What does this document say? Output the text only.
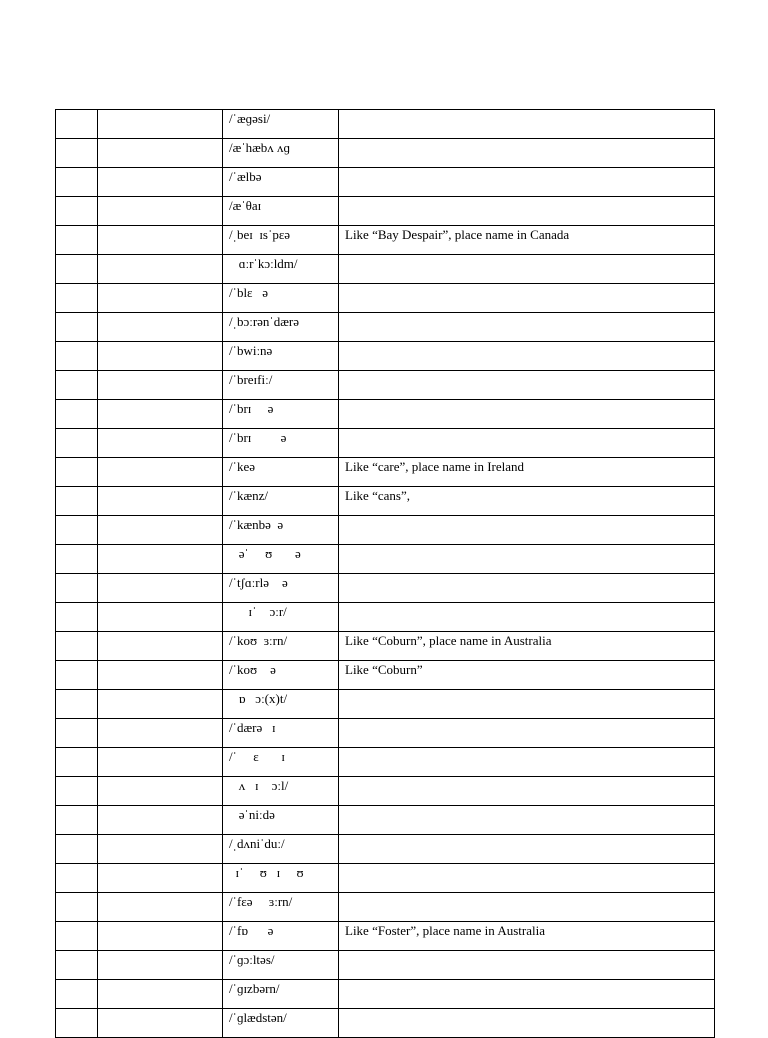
		/ˈæɡəsi/	
		/æˈhæbʌ ʌɡ	
		/ˈælbə	
		/æˈθaɪ	
		/ˌbeɪ  ɪsˈpɛə	Like “Bay Despair”, place name in Canada
		ɑːrˈkɔːldm/	
		/ˈblɛ   ə	
		/ˌbɔːrənˈdærə	
		/ˈbwiːnə	
		/ˈbreɪfiː/	
		/ˈbrɪ     ə	
		/ˈbrɪ         ə	
		/ˈkeə	Like “care”, place name in Ireland
		/ˈkænz/	Like “cans”,
		/ˈkænbə  ə	
		əˈ     ʊ       ə	
		/ˈtʃɑːrlə    ə	
		ɪˈ    ɔːr/	
		/ˈkoʊ  ɜːrn/	Like “Coburn”, place name in Australia
		/ˈkoʊ    ə	Like “Coburn”
		ɒ   ɔː(x)t/	
		/ˈdærə   ɪ	
		/ˈ     ɛ       ɪ	
		ʌ   ɪ    ɔːl/	
		əˈniːdə	
		/ˌdʌniˈduː/	
		ɪˈ     ʊ   ɪ     ʊ	
		/ˈfɛə     ɜːrn/	
		/ˈfɒ      ə	Like “Foster”, place name in Australia
		/ˈɡɔːltəs/	
		/ˈɡɪzbərn/	
		/ˈɡlædstən/	
